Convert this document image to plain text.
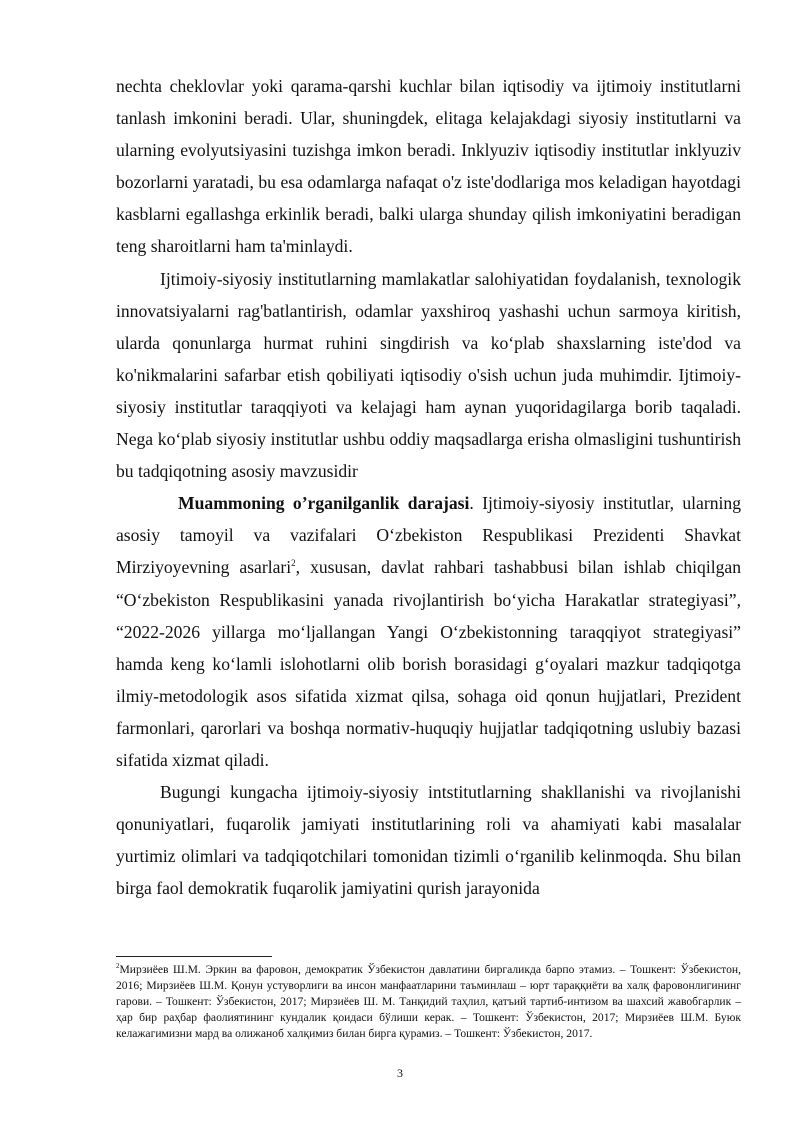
nechta cheklovlar yoki qarama-qarshi kuchlar bilan iqtisodiy va ijtimoiy institutlarni tanlash imkonini beradi. Ular, shuningdek, elitaga kelajakdagi siyosiy institutlarni va ularning evolyutsiyasini tuzishga imkon beradi. Inklyuziv iqtisodiy institutlar inklyuziv bozorlarni yaratadi, bu esa odamlarga nafaqat o'z iste'dodlariga mos keladigan hayotdagi kasblarni egallashga erkinlik beradi, balki ularga shunday qilish imkoniyatini beradigan teng sharoitlarni ham ta'minlaydi.

Ijtimoiy-siyosiy institutlarning mamlakatlar salohiyatidan foydalanish, texnologik innovatsiyalarni rag'batlantirish, odamlar yaxshiroq yashashi uchun sarmoya kiritish, ularda qonunlarga hurmat ruhini singdirish va ko‘plab shaxslarning iste'dod va ko'nikmalarini safarbar etish qobiliyati iqtisodiy o'sish uchun juda muhimdir. Ijtimoiy-siyosiy institutlar taraqqiyoti va kelajagi ham aynan yuqoridagilarga borib taqaladi. Nega ko‘plab siyosiy institutlar ushbu oddiy maqsadlarga erisha olmasligini tushuntirish bu tadqiqotning asosiy mavzusidir

Muammoning o’rganilganlik darajasi. Ijtimoiy-siyosiy institutlar, ularning asosiy tamoyil va vazifalari O‘zbekiston Respublikasi Prezidenti Shavkat Mirziyoyevning asarlari$^2$, xususan, davlat rahbari tashabbusi bilan ishlab chiqilgan “O‘zbekiston Respublikasini yanada rivojlantirish bo‘yicha Harakatlar strategiyasi”, “2022-2026 yillarga mo‘ljallangan Yangi O‘zbekistonning taraqqiyot strategiyasi” hamda keng ko‘lamli islohotlarni olib borish borasidagi g‘oyalari mazkur tadqiqotga ilmiy-metodologik asos sifatida xizmat qilsa, sohaga oid qonun hujjatlari, Prezident farmonlari, qarorlari va boshqa normativ-huquqiy hujjatlar tadqiqotning uslubiy bazasi sifatida xizmat qiladi.

Bugungi kungacha ijtimoiy-siyosiy intstitutlarning shakllanishi va rivojlanishi qonuniyatlari, fuqarolik jamiyati institutlarining roli va ahamiyati kabi masalalar yurtimiz olimlari va tadqiqotchilari tomonidan tizimli o‘rganilib kelinmoqda. Shu bilan birga faol demokratik fuqarolik jamiyatini qurish jarayonida

$^2$Мирзиёев Ш.М. Эркин ва фаровон, демократик Ўзбекистон давлатини биргаликда барпо этамиз. – Тошкент: Ўзбекистон, 2016; Мирзиёев Ш.М. Қонун устуворлиги ва инсон манфаатларини таъминлаш – юрт тараққиёти ва халқ фаровонлигининг гарови. – Тошкент: Ўзбекистон, 2017; Мирзиёев Ш. М. Танқидий таҳлил, қатъий тартиб-интизом ва шахсий жавобгарлик – ҳар бир раҳбар фаолиятининг кундалик қоидаси бўлиши керак. – Тошкент: Ўзбекистон, 2017; Мирзиёев Ш.М. Буюк келажагимизни мард ва олижаноб халқимиз билан бирга қурамиз. – Тошкент: Ўзбекистон, 2017.
3
